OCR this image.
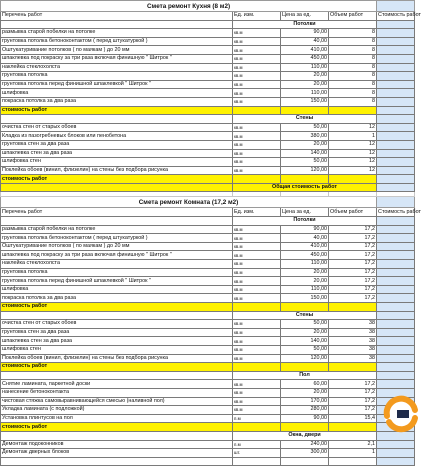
Смета ремонт Кухня (8 м2)				
Перечень работ	Ед. изм.	Цена за ед.	Объем работ	Стоимость работ
	Потолки			
размывка старой побелки на потолке	кв.м	90,00	8	
грунтовка потолка бетоноконтактом ( перед штукатуркой )	кв.м	40,00	8	
Оштукатуривание потолков ( по маякам ) до 20 мм	кв.м	410,00	8	
шпаклевка под покраску за три раза включая финишную " Шитрок "	кв.м	450,00	8	
наклейка стеклохолста	кв.м	110,00	8	
грунтовка потолка	кв.м	20,00	8	
грунтовка потолка перед финишной шпаклевкой " Шитрок "	кв.м	20,00	8	
шлифовка	кв.м	110,00	8	
покраска потолка за два раза	кв.м	150,00	8	
стоимость работ				
	Стены			
очистка стен от старых обоев	кв.м	50,00	12	
Кладка из пазогребневых блоков или пенобетона	кв.м	380,00	1	
грунтовка стен за два раза	кв.м	20,00	12	
шпаклевка стен за два раза	кв.м	140,00	12	
шлифовка стен	кв.м	50,00	12	
Поклейка обоев (винил, флизелин) на стены без подбора рисунка	кв.м	120,00	12	
стоимость работ				
	Общая стоимость работ			

Смета ремонт Комната (17,2 м2)				
Перечень работ	Ед. изм.	Цена за ед.	Объем работ	Стоимость работ
	Потолки			
размывка старой побелки на потолке	кв.м	90,00	17,2	
грунтовка потолка бетоноконтактом ( перед штукатуркой )	кв.м	40,00	17,2	
Оштукатуривание потолков ( по маякам ) до 20 мм	кв.м	410,00	17,2	
шпаклевка под покраску за три раза включая финишную " Шитрок "	кв.м	450,00	17,2	
наклейка стеклохолста	кв.м	110,00	17,2	
грунтовка потолка	кв.м	20,00	17,2	
грунтовка потолка перед финишной шпаклевкой " Шитрок "	кв.м	20,00	17,2	
шлифовка	кв.м	110,00	17,2	
покраска потолка за два раза	кв.м	150,00	17,2	
стоимость работ				
	Стены			
очистка стен от старых обоев	кв.м	50,00	38	
грунтовка стен за два раза	кв.м	20,00	38	
шпаклевка стен за два раза	кв.м	140,00	38	
шлифовка стен	кв.м	50,00	38	
Поклейка обоев (винил, флизелин) на стены без подбора рисунка	кв.м	120,00	38	
стоимость работ				
	Пол			
Снятие ламината, паркетной доски	кв.м	60,00	17,2	
нанесение бетоноконтакта	кв.м	20,00	17,2	
чистовая стяжка самовыравнивающейся смесью (наливной пол)	кв.м	170,00	17,2	
Укладка ламината (с подложкой)	кв.м	280,00	17,2	
Установка плинтусов на пол	п.м	90,00	15,4	
стоимость работ				
	Окна, двери			
Демонтаж подоконников	п.м	240,00	2,1	
Демонтаж дверных блоков	шт.	300,00	1	
